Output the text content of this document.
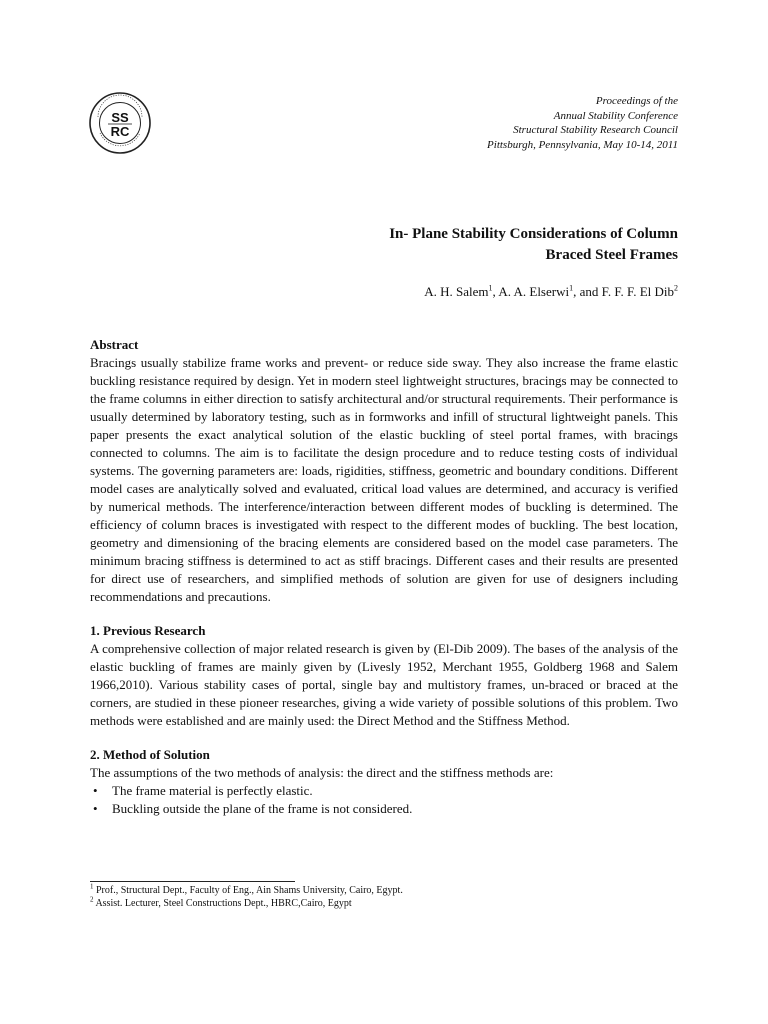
SS
RC
Proceedings of the
Annual Stability Conference
Structural Stability Research Council
Pittsburgh, Pennsylvania, May 10-14, 2011
In- Plane Stability Considerations of Column
Braced Steel Frames
A. H. Salem$^1$, A. A. Elserwi$^1$, and F. F. F. El Dib$^2$

Abstract

Bracings usually stabilize frame works and prevent- or reduce side sway. They also increase the frame elastic buckling resistance required by design. Yet in modern steel lightweight structures, bracings may be connected to the frame columns in either direction to satisfy architectural and/or structural requirements. Their performance is usually determined by laboratory testing, such as in formworks and infill of structural lightweight panels. This paper presents the exact analytical solution of the elastic buckling of steel portal frames, with bracings connected to columns. The aim is to facilitate the design procedure and to reduce testing costs of individual systems. The governing parameters are: loads, rigidities, stiffness, geometric and boundary conditions. Different model cases are analytically solved and evaluated, critical load values are determined, and accuracy is verified by numerical methods. The interference/interaction between different modes of buckling is determined. The efficiency of column braces is investigated with respect to the different modes of buckling. The best location, geometry and dimensioning of the bracing elements are considered based on the model case parameters. The minimum bracing stiffness is determined to act as stiff bracings. Different cases and their results are presented for direct use of researchers, and simplified methods of solution are given for use of designers including recommendations and precautions.

1. Previous Research

A comprehensive collection of major related research is given by (El-Dib 2009). The bases of the analysis of the elastic buckling of frames are mainly given by (Livesly 1952, Merchant 1955, Goldberg 1968 and Salem 1966,2010). Various stability cases of portal, single bay and multistory frames, un-braced or braced at the corners, are studied in these pioneer researches, giving a wide variety of possible solutions of this problem. Two methods were established and are mainly used: the Direct Method and the Stiffness Method.

2. Method of Solution

The assumptions of the two methods of analysis: the direct and the stiffness methods are:

• The frame material is perfectly elastic.
• Buckling outside the plane of the frame is not considered.
$^1$ Prof., Structural Dept., Faculty of Eng., Ain Shams University, Cairo, Egypt.
$^2$ Assist. Lecturer, Steel Constructions Dept., HBRC,Cairo, Egypt
